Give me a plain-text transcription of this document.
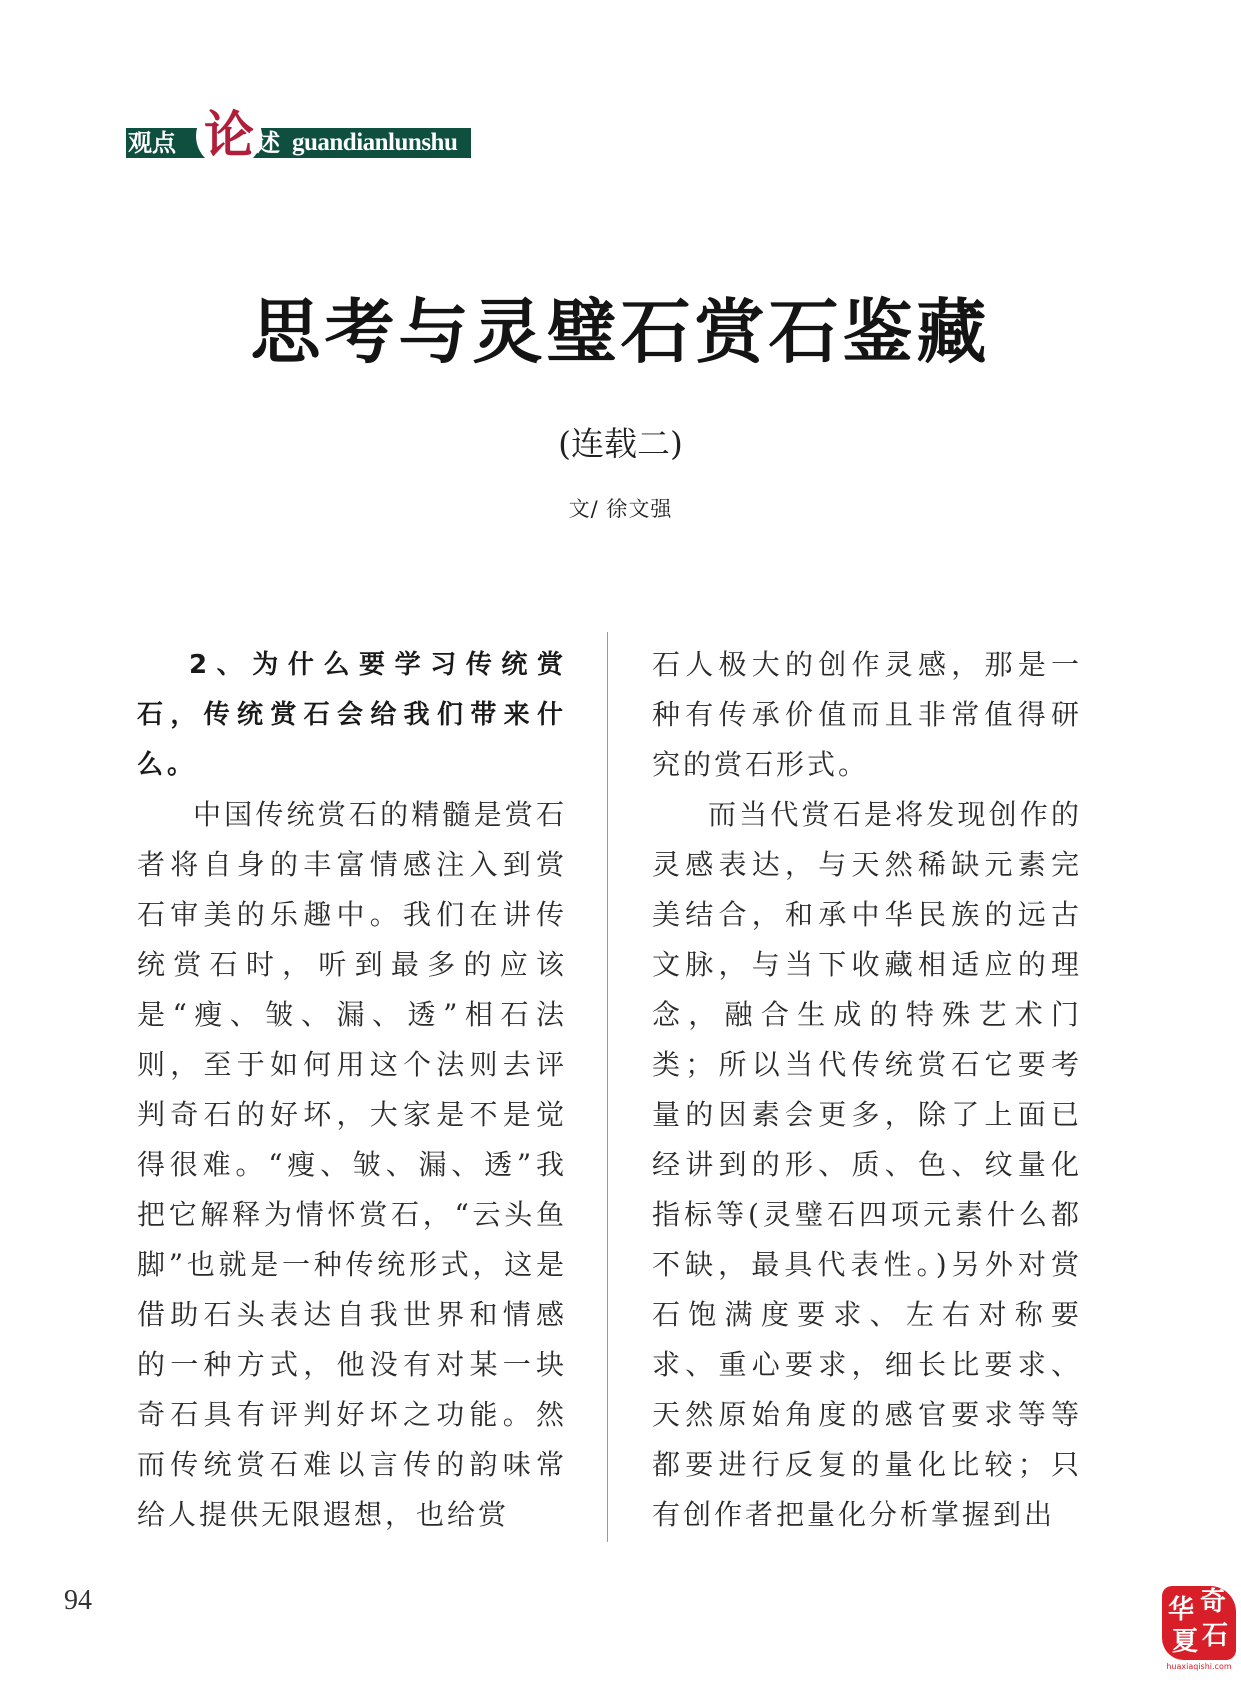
观点 论 述 guandianlunshu
思考与灵璧石赏石鉴藏
(连载二)
文/ 徐文强

2、为什么要学习传统赏石，传统赏石会给我们带来什么。

中国传统赏石的精髓是赏石者将自身的丰富情感注入到赏石审美的乐趣中。我们在讲传统赏石时，听到最多的应该是“瘦、皱、漏、透”相石法则，至于如何用这个法则去评判奇石的好坏，大家是不是觉得很难。“瘦、皱、漏、透”我把它解释为情怀赏石，“云头鱼脚”也就是一种传统形式，这是借助石头表达自我世界和情感的一种方式，他没有对某一块奇石具有评判好坏之功能。然而传统赏石难以言传的韵味常给人提供无限遐想，也给赏

石人极大的创作灵感，那是一种有传承价值而且非常值得研究的赏石形式。

而当代赏石是将发现创作的灵感表达，与天然稀缺元素完美结合，和承中华民族的远古文脉，与当下收藏相适应的理念，融合生成的特殊艺术门类；所以当代传统赏石它要考量的因素会更多，除了上面已经讲到的形、质、色、纹量化指标等(灵璧石四项元素什么都不缺，最具代表性。)另外对赏石饱满度要求、左右对称要求、重心要求，细长比要求、天然原始角度的感官要求等等都要进行反复的量化比较；只有创作者把量化分析掌握到出

94	华 奇
夏 石
huaxiaqishi.com
